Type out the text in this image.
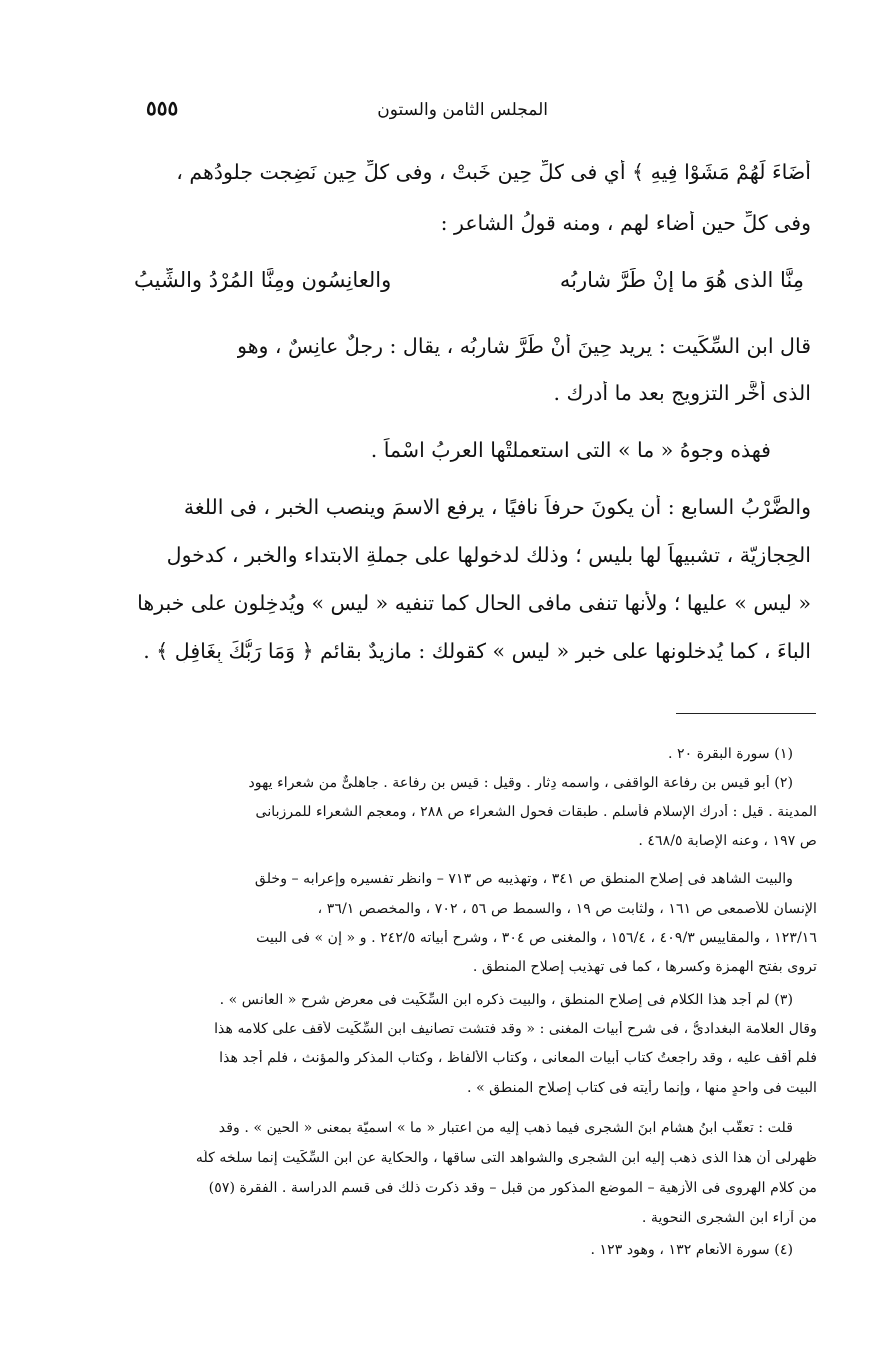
المجلس الثامن والستون
٥٥٥
أَضَاءَ لَهُمْ مَشَوْا فِيهِ ﴾ أي فى كلِّ حِينِ خَبتْ ، وفى كلِّ حِينٍ نَضِجت جلودُهم ،
وفى كلِّ حينٍ أضاء لهم ، ومنه قولُ الشاعر :
مِنَّا الذى هُوَ ما إنْ طَرَّ شاربُه
والعانِسُون ومِنَّا المُرْدُ والشِّيبُ
قال ابن السِّكِّيت : يريد حِينَ أنْ طَرَّ شاربُه ، يقال : رجلٌ عانِسٌ ، وهو
الذى أخَّر التزويج بعد ما أدرك .
فهذه وجوهُ « ما » التى استعملتْها العربُ اسْماً .
والضَّرْبُ السابع : أن يكونَ حرفاً نافيًا ، يرفع الاسمَ وينصب الخبر ، فى اللغة
الحِجازيّة ، تشبيهاً لها بليس ؛ وذلك لدخولها على جملةِ الابتداء والخبر ، كدخول
« ليس » عليها ؛ ولأنها تنفى مافى الحال كما تنفيه « ليس » ويُدخِلون على خبرها
الباءَ ، كما يُدخلونها على خبر « ليس » كقولك : مازيدٌ بقائم ﴿ وَمَا رَبُّكَ بِغَافِلٍ ﴾ .
(١) سورة البقرة ٢٠ .
(٢) أبو قيس بن رفاعة الواقفى ، واسمه دِثار . وقيل : قيس بن رفاعة . جاهلىٌّ من شعراء يهود
المدينة . قيل : أدرك الإسلام فأسلم . طبقات فحول الشعراء ص ٢٨٨ ، ومعجم الشعراء للمرزبانى
ص ١٩٧ ، وعنه الإصابة ٤٦٨/٥ .
والبيت الشاهد فى إصلاح المنطق ص ٣٤١ ، وتهذيبه ص ٧١٣ – وانظر تفسيره وإعرابه – وخلق
الإنسان للأصمعى ص ١٦١ ، ولثابت ص ١٩ ، والسمط ص ٥٦ ، ٧٠٢ ، والمخصص ٣٦/١ ،
١٢٣/١٦ ، والمقاييس ٤٠٩/٣ ، ١٥٦/٤ ، والمغنى ص ٣٠٤ ، وشرح أبياته ٢٤٢/٥ . و « إن » فى البيت
تروى بفتح الهمزة وكسرها ، كما فى تهذيب إصلاح المنطق .
(٣) لم أجد هذا الكلام فى إصلاح المنطق ، والبيت ذكره ابن السِّكِّيت فى معرض شرح « العانس » .
وقال العلامة البغدادىُّ ، فى شرح أبيات المغنى : « وقد فتشت تصانيف ابن السِّكِّيت لأقف على كلامه هذا
فلم أقف عليه ، وقد راجعتُ كتاب أبيات المعانى ، وكتاب الألفاظ ، وكتاب المذكر والمؤنث ، فلم أجد هذا
البيت فى واحدٍ منها ، وإنما رأيته فى كتاب إصلاح المنطق » .
قلت : تعقَّب ابنُ هشام ابنَ الشجرى فيما ذهب إليه من اعتبار « ما » اسميّة بمعنى « الحين » . وقد
ظهرلى أن هذا الذى ذهب إليه ابن الشجرى والشواهد التى ساقها ، والحكاية عن ابن السِّكِّيت إنما سلخه كلَّه
من كلام الهروى فى الأزهية – الموضع المذكور من قبل – وقد ذكرت ذلك فى قسم الدراسة . الفقرة (٥٧)
من آراء ابن الشجرى النحوية .
(٤) سورة الأنعام ١٣٢ ، وهود ١٢٣ .
